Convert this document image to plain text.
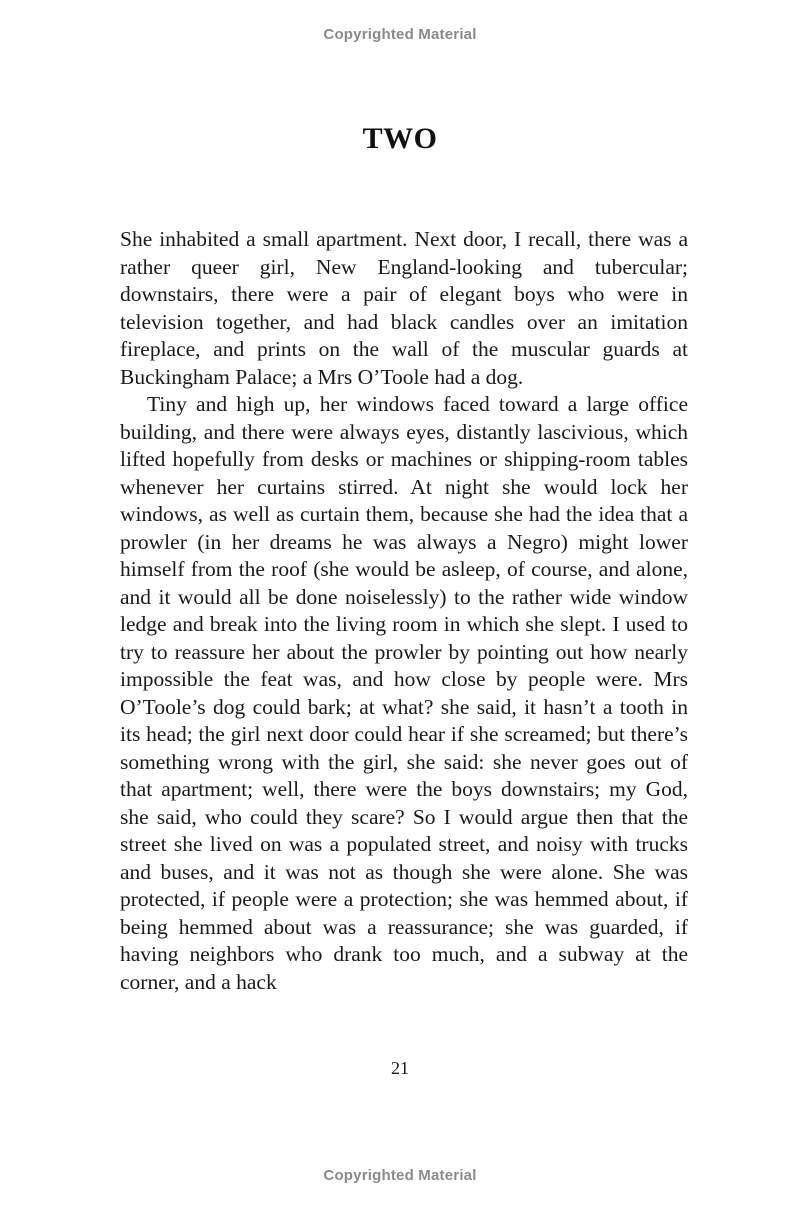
Copyrighted Material
TWO

She inhabited a small apartment. Next door, I recall, there was a rather queer girl, New England-looking and tubercular; downstairs, there were a pair of elegant boys who were in television together, and had black candles over an imitation fireplace, and prints on the wall of the muscular guards at Buckingham Palace; a Mrs O’Toole had a dog.

Tiny and high up, her windows faced toward a large office building, and there were always eyes, distantly lascivious, which lifted hopefully from desks or machines or shipping-room tables whenever her curtains stirred. At night she would lock her windows, as well as curtain them, because she had the idea that a prowler (in her dreams he was always a Negro) might lower himself from the roof (she would be asleep, of course, and alone, and it would all be done noiselessly) to the rather wide window ledge and break into the living room in which she slept. I used to try to reassure her about the prowler by pointing out how nearly impossible the feat was, and how close by people were. Mrs O’Toole’s dog could bark; at what? she said, it hasn’t a tooth in its head; the girl next door could hear if she screamed; but there’s something wrong with the girl, she said: she never goes out of that apartment; well, there were the boys downstairs; my God, she said, who could they scare? So I would argue then that the street she lived on was a populated street, and noisy with trucks and buses, and it was not as though she were alone. She was protected, if people were a protection; she was hemmed about, if being hemmed about was a reassurance; she was guarded, if having neighbors who drank too much, and a subway at the corner, and a hack

21
Copyrighted Material
